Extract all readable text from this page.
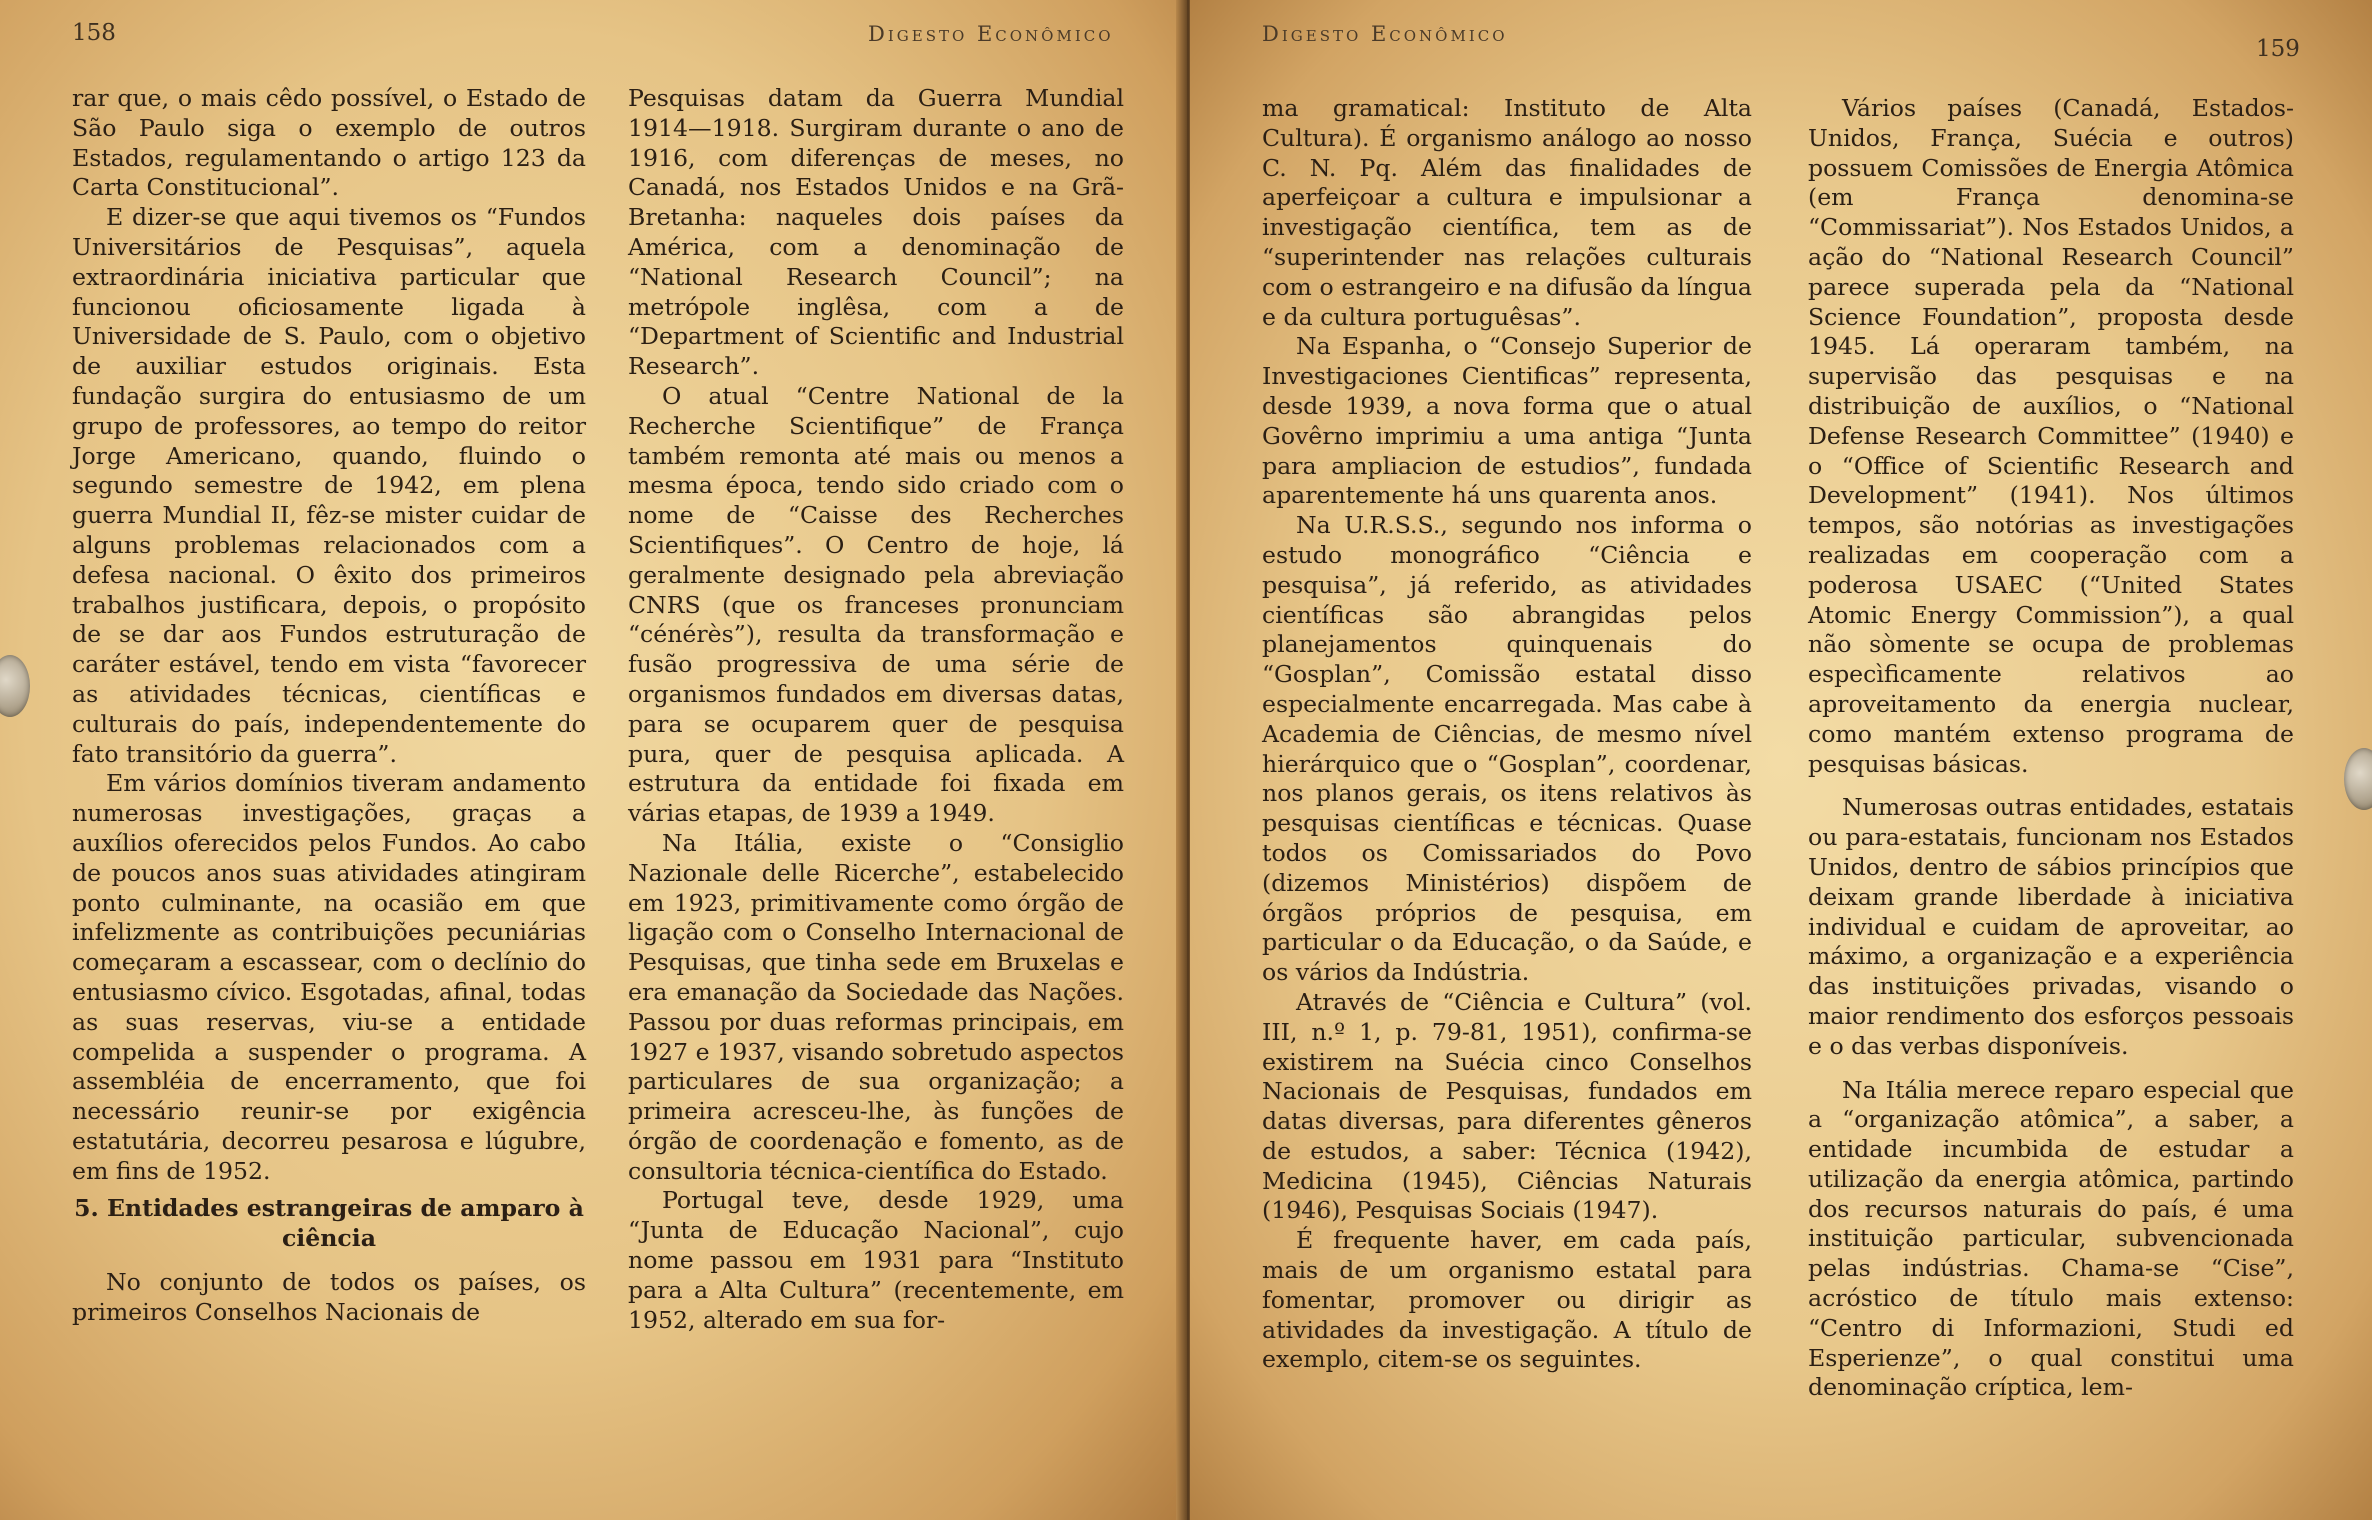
158	Digesto Econômico

rar que, o mais cêdo possível, o Estado de São Paulo siga o exemplo de outros Estados, regulamentando o artigo 123 da Carta Constitucional”.

E dizer-se que aqui tivemos os “Fundos Universitários de Pesquisas”, aquela extraordinária iniciativa particular que funcionou oficiosamente ligada à Universidade de S. Paulo, com o objetivo de auxiliar estudos originais. Esta fundação surgira do entusiasmo de um grupo de professores, ao tempo do reitor Jorge Americano, quando, fluindo o segundo semestre de 1942, em plena guerra Mundial II, fêz-se mister cuidar de alguns problemas relacionados com a defesa nacional. O êxito dos primeiros trabalhos justificara, depois, o propósito de se dar aos Fundos estruturação de caráter estável, tendo em vista “favorecer as atividades técnicas, científicas e culturais do país, independentemente do fato transitório da guerra”.

Em vários domínios tiveram andamento numerosas investigações, graças a auxílios oferecidos pelos Fundos. Ao cabo de poucos anos suas atividades atingiram ponto culminante, na ocasião em que infelizmente as contribuições pecuniárias começaram a escassear, com o declínio do entusiasmo cívico. Esgotadas, afinal, todas as suas reservas, viu-se a entidade compelida a suspender o programa. A assembléia de encerramento, que foi necessário reunir-se por exigência estatutária, decorreu pesarosa e lúgubre, em fins de 1952.

5. Entidades estrangeiras de amparo à ciência

No conjunto de todos os países, os primeiros Conselhos Nacionais de

Pesquisas datam da Guerra Mundial 1914—1918. Surgiram durante o ano de 1916, com diferenças de meses, no Canadá, nos Estados Unidos e na Grã-Bretanha: naqueles dois países da América, com a denominação de “National Research Council”; na metrópole inglêsa, com a de “Department of Scientific and Industrial Research”.

O atual “Centre National de la Recherche Scientifique” de França também remonta até mais ou menos a mesma época, tendo sido criado com o nome de “Caisse des Recherches Scientifiques”. O Centro de hoje, lá geralmente designado pela abreviação CNRS (que os franceses pronunciam “cénérès”), resulta da transformação e fusão progressiva de uma série de organismos fundados em diversas datas, para se ocuparem quer de pesquisa pura, quer de pesquisa aplicada. A estrutura da entidade foi fixada em várias etapas, de 1939 a 1949.

Na Itália, existe o “Consiglio Nazionale delle Ricerche”, estabelecido em 1923, primitivamente como órgão de ligação com o Conselho Internacional de Pesquisas, que tinha sede em Bruxelas e era emanação da Sociedade das Nações. Passou por duas reformas principais, em 1927 e 1937, visando sobretudo aspectos particulares de sua organização; a primeira acresceu-lhe, às funções de órgão de coordenação e fomento, as de consultoria técnica-científica do Estado.

Portugal teve, desde 1929, uma “Junta de Educação Nacional”, cujo nome passou em 1931 para “Instituto para a Alta Cultura” (recentemente, em 1952, alterado em sua for-

Digesto Econômico
159

ma gramatical: Instituto de Alta Cultura). É organismo análogo ao nosso C. N. Pq. Além das finalidades de aperfeiçoar a cultura e impulsionar a investigação científica, tem as de “superintender nas relações culturais com o estrangeiro e na difusão da língua e da cultura portuguêsas”.

Na Espanha, o “Consejo Superior de Investigaciones Cientificas” representa, desde 1939, a nova forma que o atual Govêrno imprimiu a uma antiga “Junta para ampliacion de estudios”, fundada aparentemente há uns quarenta anos.

Na U.R.S.S., segundo nos informa o estudo monográfico “Ciência e pesquisa”, já referido, as atividades científicas são abrangidas pelos planejamentos quinquenais do “Gosplan”, Comissão estatal disso especialmente encarregada. Mas cabe à Academia de Ciências, de mesmo nível hierárquico que o “Gosplan”, coordenar, nos planos gerais, os itens relativos às pesquisas científicas e técnicas. Quase todos os Comissariados do Povo (dizemos Ministérios) dispõem de órgãos próprios de pesquisa, em particular o da Educação, o da Saúde, e os vários da Indústria.

Através de “Ciência e Cultura” (vol. III, n.º 1, p. 79-81, 1951), confirma-se existirem na Suécia cinco Conselhos Nacionais de Pesquisas, fundados em datas diversas, para diferentes gêneros de estudos, a saber: Técnica (1942), Medicina (1945), Ciências Naturais (1946), Pesquisas Sociais (1947).

É frequente haver, em cada país, mais de um organismo estatal para fomentar, promover ou dirigir as atividades da investigação. A título de exemplo, citem-se os seguintes.

Vários países (Canadá, Estados-Unidos, França, Suécia e outros) possuem Comissões de Energia Atômica (em França denomina-se “Commissariat”). Nos Estados Unidos, a ação do “National Research Council” parece superada pela da “National Science Foundation”, proposta desde 1945. Lá operaram também, na supervisão das pesquisas e na distribuição de auxílios, o “National Defense Research Committee” (1940) e o “Office of Scientific Research and Development” (1941). Nos últimos tempos, são notórias as investigações realizadas em cooperação com a poderosa USAEC (“United States Atomic Energy Commission”), a qual não sòmente se ocupa de problemas especìficamente relativos ao aproveitamento da energia nuclear, como mantém extenso programa de pesquisas básicas.

Numerosas outras entidades, estatais ou para-estatais, funcionam nos Estados Unidos, dentro de sábios princípios que deixam grande liberdade à iniciativa individual e cuidam de aproveitar, ao máximo, a organização e a experiência das instituições privadas, visando o maior rendimento dos esforços pessoais e o das verbas disponíveis.

Na Itália merece reparo especial que a “organização atômica”, a saber, a entidade incumbida de estudar a utilização da energia atômica, partindo dos recursos naturais do país, é uma instituição particular, subvencionada pelas indústrias. Chama-se “Cise”, acróstico de título mais extenso: “Centro di Informazioni, Studi ed Esperienze”, o qual constitui uma denominação críptica, lem-
